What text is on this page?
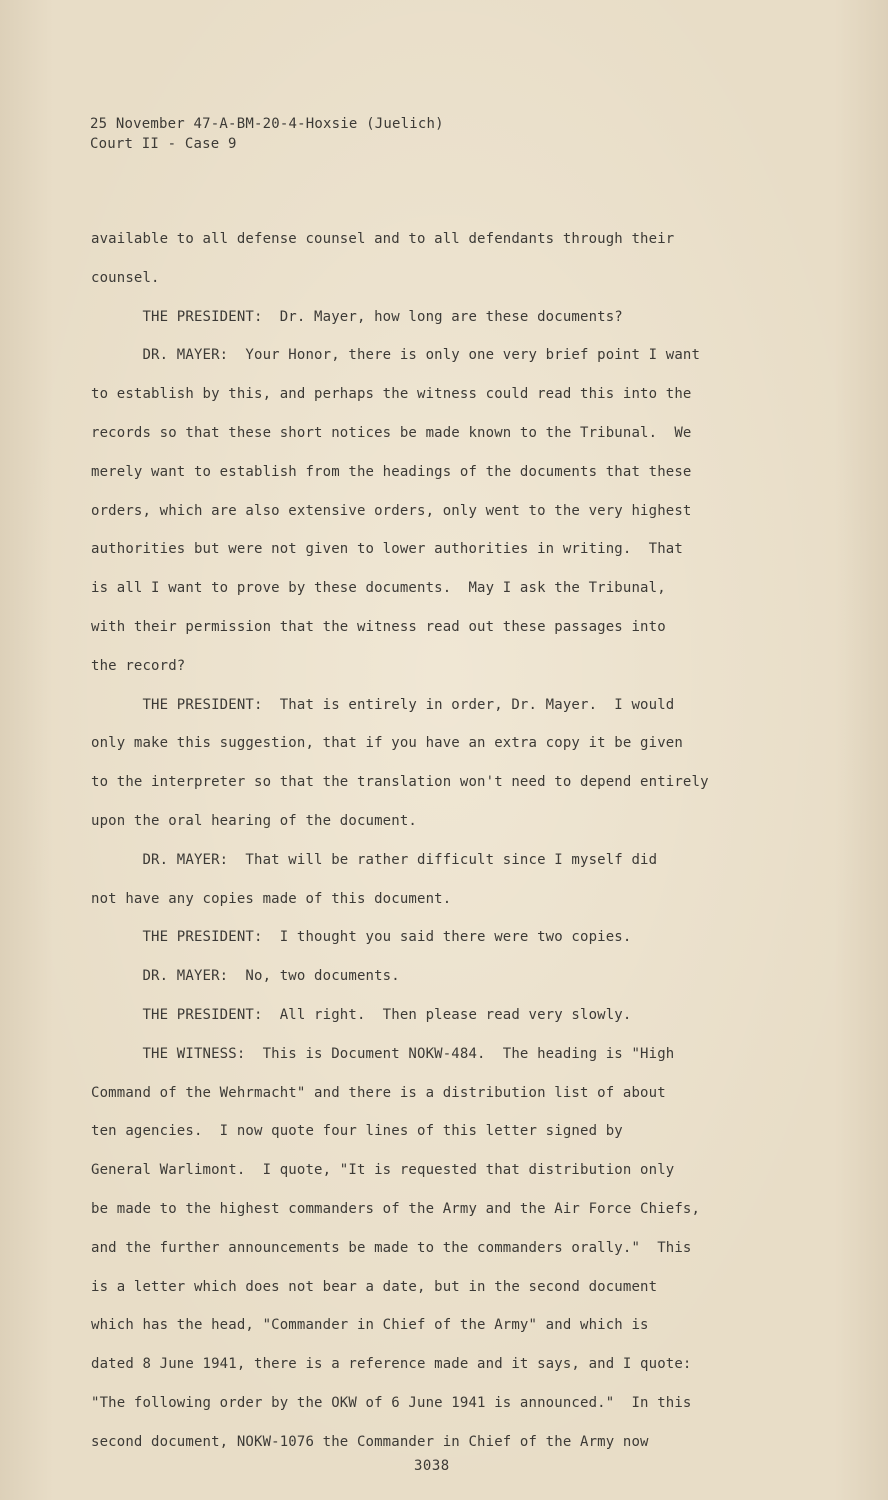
25 November 47-A-BM-20-4-Hoxsie (Juelich)
Court II - Case 9
available to all defense counsel and to all defendants through their
counsel.
THE PRESIDENT:  Dr. Mayer, how long are these documents?
DR. MAYER:  Your Honor, there is only one very brief point I want
to establish by this, and perhaps the witness could read this into the
records so that these short notices be made known to the Tribunal.  We
merely want to establish from the headings of the documents that these
orders, which are also extensive orders, only went to the very highest
authorities but were not given to lower authorities in writing.  That
is all I want to prove by these documents.  May I ask the Tribunal,
with their permission that the witness read out these passages into
the record?
THE PRESIDENT:  That is entirely in order, Dr. Mayer.  I would
only make this suggestion, that if you have an extra copy it be given
to the interpreter so that the translation won't need to depend entirely
upon the oral hearing of the document.
DR. MAYER:  That will be rather difficult since I myself did
not have any copies made of this document.
THE PRESIDENT:  I thought you said there were two copies.
DR. MAYER:  No, two documents.
THE PRESIDENT:  All right.  Then please read very slowly.
THE WITNESS:  This is Document NOKW-484.  The heading is "High
Command of the Wehrmacht" and there is a distribution list of about
ten agencies.  I now quote four lines of this letter signed by
General Warlimont.  I quote, "It is requested that distribution only
be made to the highest commanders of the Army and the Air Force Chiefs,
and the further announcements be made to the commanders orally."  This
is a letter which does not bear a date, but in the second document
which has the head, "Commander in Chief of the Army" and which is
dated 8 June 1941, there is a reference made and it says, and I quote:
"The following order by the OKW of 6 June 1941 is announced."  In this
second document, NOKW-1076 the Commander in Chief of the Army now
3038
